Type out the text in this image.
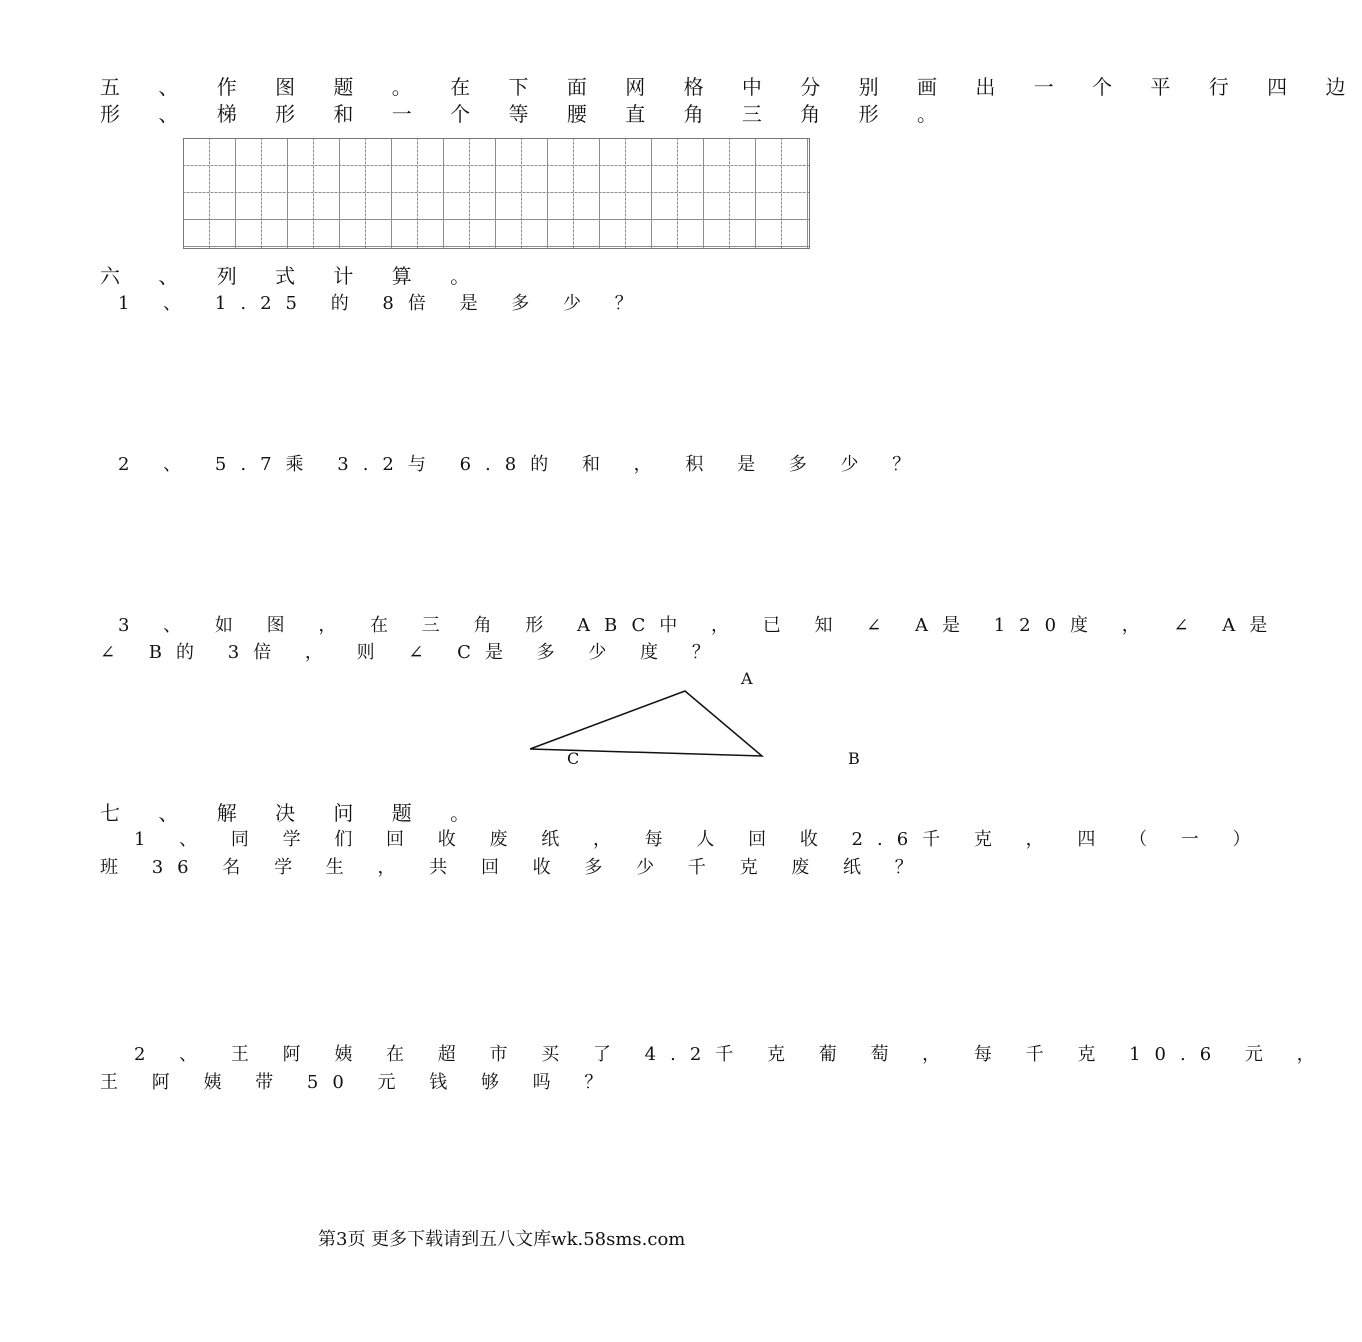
五 、 作 图 题 。 在 下 面 网 格 中 分 别 画 出 一 个 平 行 四 边
形 、 梯 形 和 一 个 等 腰 直 角 三 角 形 。
六 、 列 式 计 算 。
1 、 1.25 的 8倍 是 多 少 ？
2 、 5.7乘 3.2与 6.8的 和 ， 积 是 多 少 ？
3 、 如 图 ， 在 三 角 形 ABC中 ， 已 知 ∠ A是 120度 ， ∠ A是
∠ B的 3倍 ， 则 ∠ C是 多 少 度 ？
A
B
C
七 、 解 决 问 题 。
1 、 同 学 们 回 收 废 纸 ， 每 人 回 收 2.6千 克 ， 四 （ 一 ）
班 36 名 学 生 ， 共 回 收 多 少 千 克 废 纸 ？
2 、 王 阿 姨 在 超 市 买 了 4.2千 克 葡 萄 ， 每 千 克 10.6 元 ，
王 阿 姨 带 50 元 钱 够 吗 ？
第3页 更多下载请到五八文库wk.58sms.com
